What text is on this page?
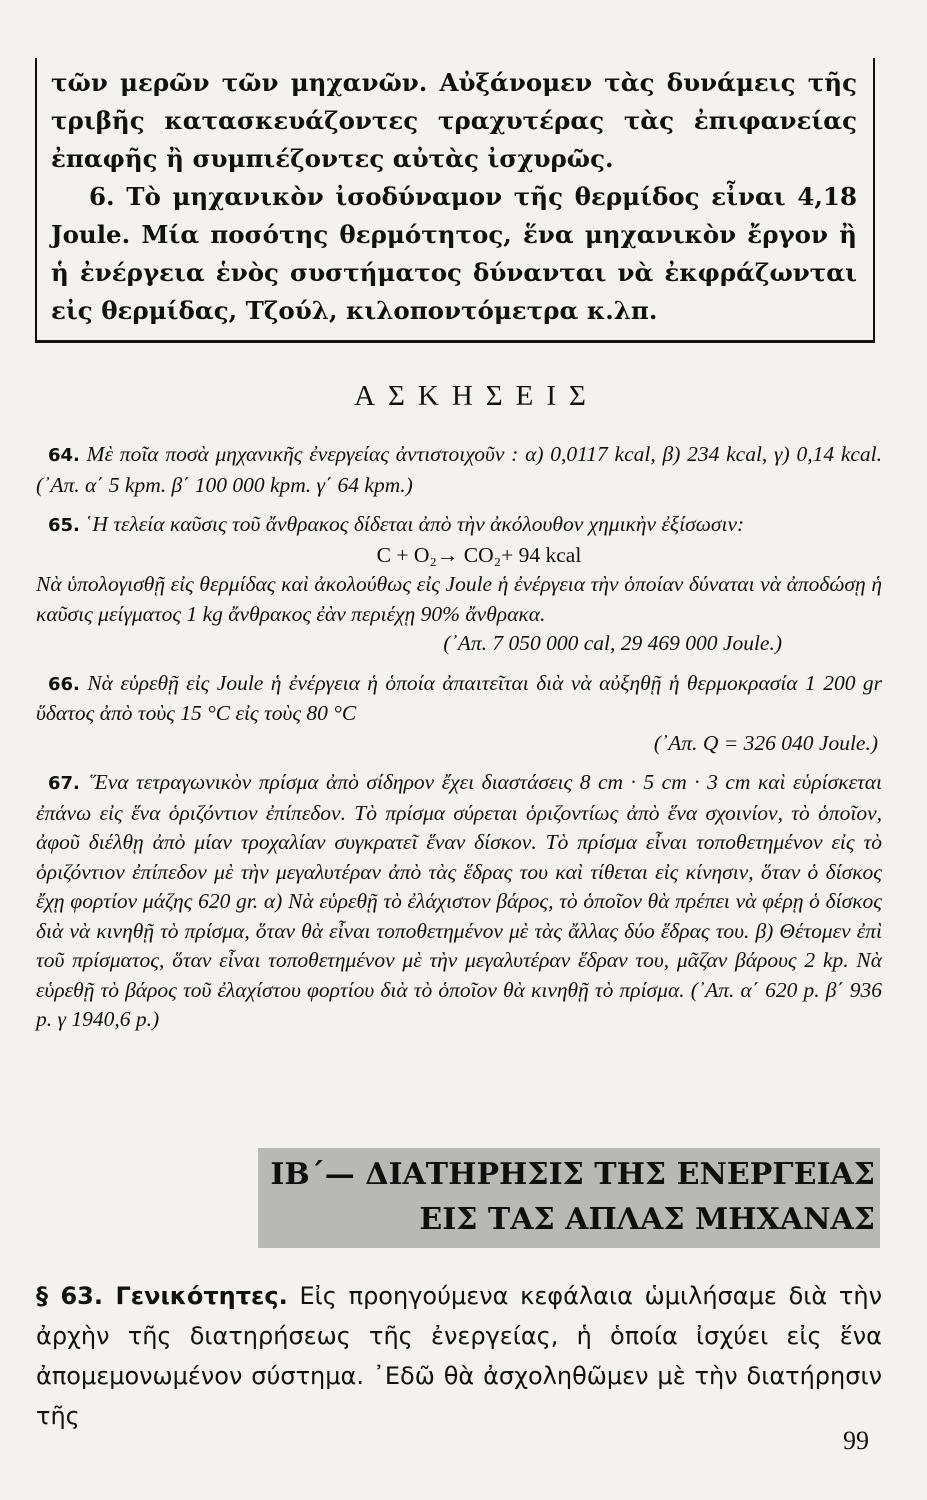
τῶν μερῶν τῶν μηχανῶν. Αὐξάνομεν τὰς δυνάμεις τῆς τριβῆς κατασκευάζοντες τραχυτέρας τὰς ἐπιφανείας ἐπαφῆς ἢ συμπιέζοντες αὐτὰς ἰσχυρῶς.

6. Τὸ μηχανικὸν ἰσοδύναμον τῆς θερμίδος εἶναι 4,18 Joule. Μία ποσότης θερμότητος, ἕνα μηχανικὸν ἔργον ἢ ἡ ἐνέργεια ἑνὸς συστήματος δύνανται νὰ ἐκφράζωνται εἰς θερμίδας, Τζούλ, κιλοποντόμετρα κ.λπ.

ΑΣΚΗΣΕΙΣ

64. Μὲ ποῖα ποσὰ μηχανικῆς ἐνεργείας ἀντιστοιχοῦν : α) 0,0117 kcal, β) 234 kcal, γ) 0,14 kcal. (᾿Απ. α΄ 5 kpm. β΄ 100 000 kpm. γ΄ 64 kpm.)

65. ῾Η τελεία καῦσις τοῦ ἄνθρακος δίδεται ἀπὸ τὴν ἀκόλουθον χημικὴν ἐξίσωσιν:

C + O₂→ CO₂+ 94 kcal

Νὰ ὑπολογισθῇ εἰς θερμίδας καὶ ἀκολούθως εἰς Joule ἡ ἐνέργεια τὴν ὁποίαν δύναται νὰ ἀποδώσῃ ἡ καῦσις μείγματος 1 kg ἄνθρακος ἐὰν περιέχῃ 90% ἄνθρακα.

(᾿Απ. 7 050 000 cal, 29 469 000 Joule.)

66. Νὰ εὑρεθῇ εἰς Joule ἡ ἐνέργεια ἡ ὁποία ἀπαιτεῖται διὰ νὰ αὐξηθῇ ἡ θερμοκρασία 1 200 gr ὕδατος ἀπὸ τοὺς 15 °C εἰς τοὺς 80 °C

(᾿Απ. Q = 326 040 Joule.)

67. ῞Ενα τετραγωνικὸν πρίσμα ἀπὸ σίδηρον ἔχει διαστάσεις 8 cm · 5 cm · 3 cm καὶ εὑρίσκεται ἐπάνω εἰς ἕνα ὁριζόντιον ἐπίπεδον. Τὸ πρίσμα σύρεται ὁριζοντίως ἀπὸ ἕνα σχοινίον, τὸ ὁποῖον, ἀφοῦ διέλθῃ ἀπὸ μίαν τροχαλίαν συγκρατεῖ ἕναν δίσκον. Τὸ πρίσμα εἶναι τοποθετημένον εἰς τὸ ὁριζόντιον ἐπίπεδον μὲ τὴν μεγαλυτέραν ἀπὸ τὰς ἕδρας του καὶ τίθεται εἰς κίνησιν, ὅταν ὁ δίσκος ἔχῃ φορτίον μάζης 620 gr. α) Νὰ εὑρεθῇ τὸ ἐλάχιστον βάρος, τὸ ὁποῖον θὰ πρέπει νὰ φέρῃ ὁ δίσκος διὰ νὰ κινηθῇ τὸ πρίσμα, ὅταν θὰ εἶναι τοποθετημένον μὲ τὰς ἄλλας δύο ἕδρας του. β) Θέτομεν ἐπὶ τοῦ πρίσματος, ὅταν εἶναι τοποθετημένον μὲ τὴν μεγαλυτέραν ἕδραν του, μᾶζαν βάρους 2 kp. Νὰ εὑρεθῇ τὸ βάρος τοῦ ἐλαχίστου φορτίου διὰ τὸ ὁποῖον θὰ κινηθῇ τὸ πρίσμα. (᾿Απ. α΄ 620 p. β΄ 936 p. γ 1940,6 p.)

ΙΒ΄— ΔΙΑΤΗΡΗΣΙΣ ΤΗΣ ΕΝΕΡΓΕΙΑΣ
ΕΙΣ ΤΑΣ ΑΠΛΑΣ ΜΗΧΑΝΑΣ

§ 63. Γενικότητες. Εἰς προηγούμενα κεφάλαια ὡμιλήσαμε διὰ τὴν ἀρχὴν τῆς διατηρήσεως τῆς ἐνεργείας, ἡ ὁποία ἰσχύει εἰς ἕνα ἀπομεμονωμένον σύστημα. ᾿Εδῶ θὰ ἀσχοληθῶμεν μὲ τὴν διατήρησιν τῆς

99
